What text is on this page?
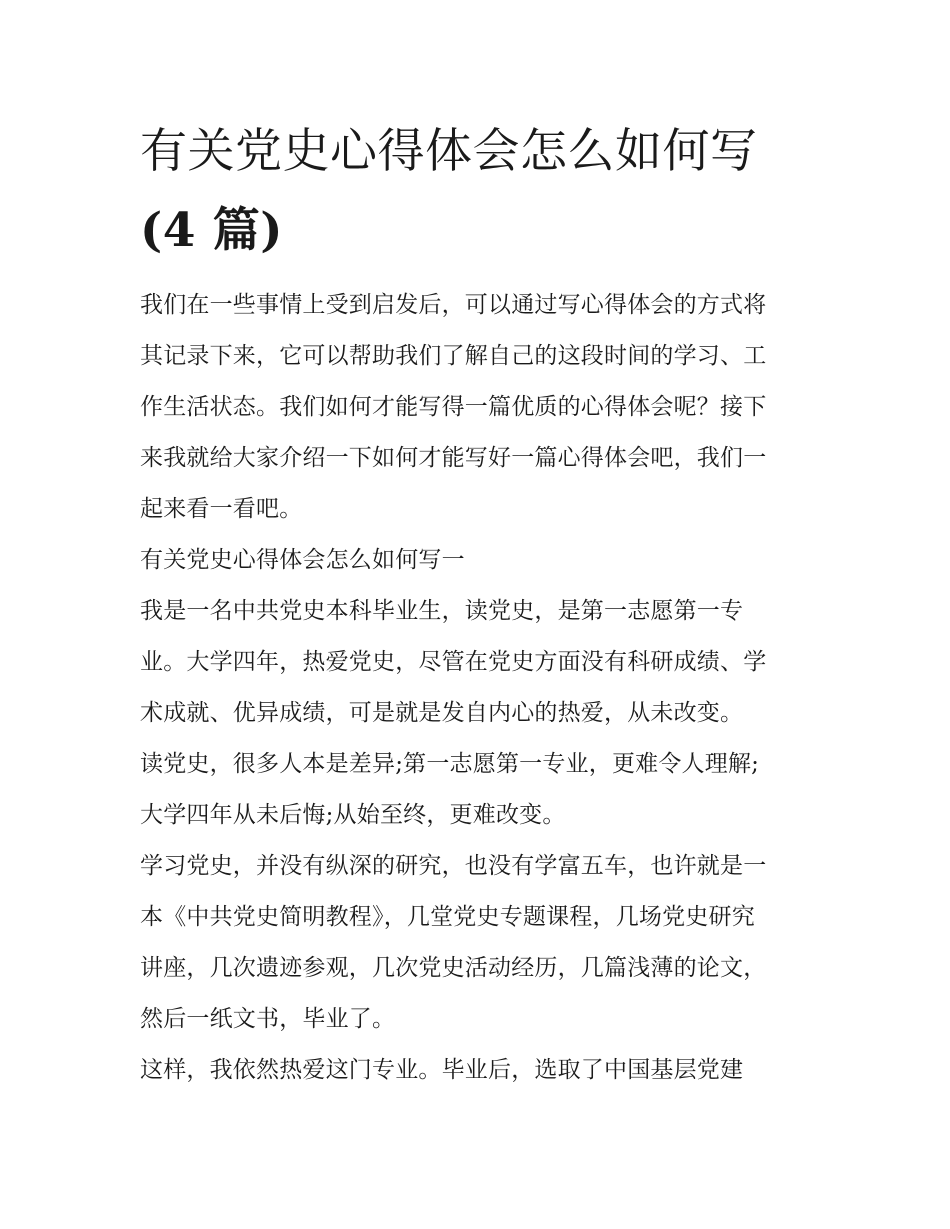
有关党史心得体会怎么如何写
(4 篇)
我们在一些事情上受到启发后，可以通过写心得体会的方式将
其记录下来，它可以帮助我们了解自己的这段时间的学习、工
作生活状态。我们如何才能写得一篇优质的心得体会呢？接下
来我就给大家介绍一下如何才能写好一篇心得体会吧，我们一
起来看一看吧。
有关党史心得体会怎么如何写一
我是一名中共党史本科毕业生，读党史，是第一志愿第一专
业。大学四年，热爱党史，尽管在党史方面没有科研成绩、学
术成就、优异成绩，可是就是发自内心的热爱，从未改变。
读党史，很多人本是差异;第一志愿第一专业，更难令人理解;
大学四年从未后悔;从始至终，更难改变。
学习党史，并没有纵深的研究，也没有学富五车，也许就是一
本《中共党史简明教程》，几堂党史专题课程，几场党史研究
讲座，几次遗迹参观，几次党史活动经历，几篇浅薄的论文，
然后一纸文书，毕业了。
这样，我依然热爱这门专业。毕业后，选取了中国基层党建
